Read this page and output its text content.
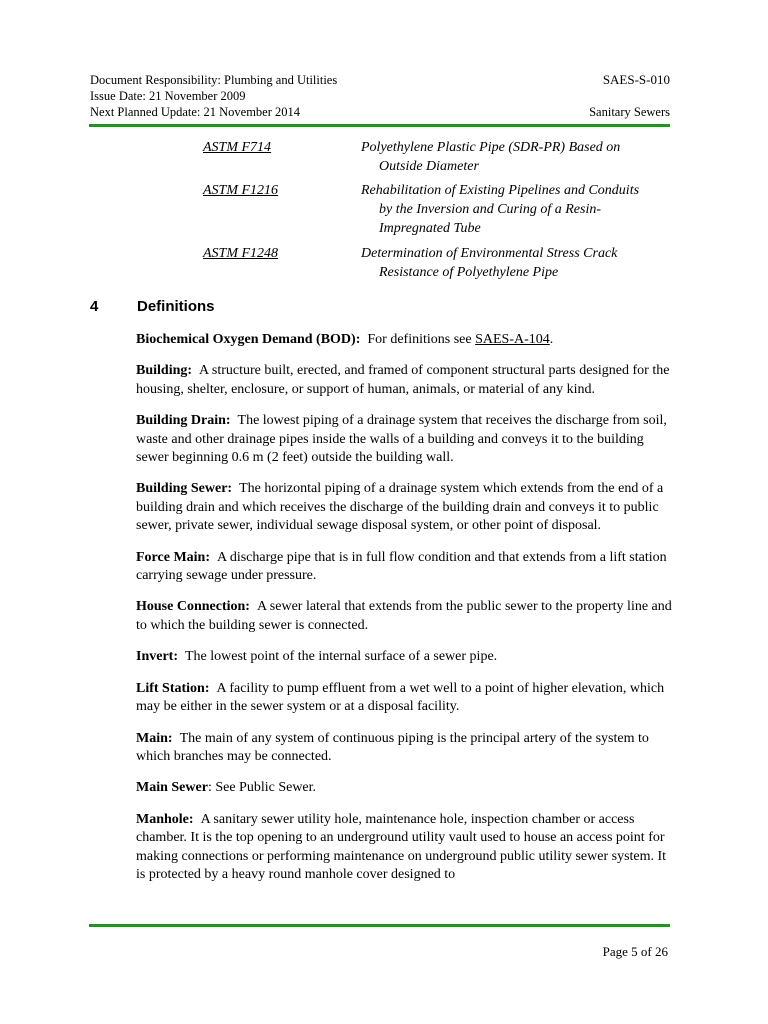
Document Responsibility: Plumbing and Utilities
Issue Date: 21 November 2009
Next Planned Update: 21 November 2014
SAES-S-010
Sanitary Sewers
ASTM F714	Polyethylene Plastic Pipe (SDR-PR) Based on
Outside Diameter
ASTM F1216	Rehabilitation of Existing Pipelines and Conduits
by the Inversion and Curing of a Resin-
Impregnated Tube
ASTM F1248	Determination of Environmental Stress Crack
Resistance of Polyethylene Pipe
4	Definitions

Biochemical Oxygen Demand (BOD): For definitions see SAES-A-104.

Building: A structure built, erected, and framed of component structural parts designed for the housing, shelter, enclosure, or support of human, animals, or material of any kind.

Building Drain: The lowest piping of a drainage system that receives the discharge from soil, waste and other drainage pipes inside the walls of a building and conveys it to the building sewer beginning 0.6 m (2 feet) outside the building wall.

Building Sewer: The horizontal piping of a drainage system which extends from the end of a building drain and which receives the discharge of the building drain and conveys it to public sewer, private sewer, individual sewage disposal system, or other point of disposal.

Force Main: A discharge pipe that is in full flow condition and that extends from a lift station carrying sewage under pressure.

House Connection: A sewer lateral that extends from the public sewer to the property line and to which the building sewer is connected.

Invert: The lowest point of the internal surface of a sewer pipe.

Lift Station: A facility to pump effluent from a wet well to a point of higher elevation, which may be either in the sewer system or at a disposal facility.

Main: The main of any system of continuous piping is the principal artery of the system to which branches may be connected.

Main Sewer: See Public Sewer.

Manhole: A sanitary sewer utility hole, maintenance hole, inspection chamber or access chamber. It is the top opening to an underground utility vault used to house an access point for making connections or performing maintenance on underground public utility sewer system. It is protected by a heavy round manhole cover designed to

Page 5 of 26
